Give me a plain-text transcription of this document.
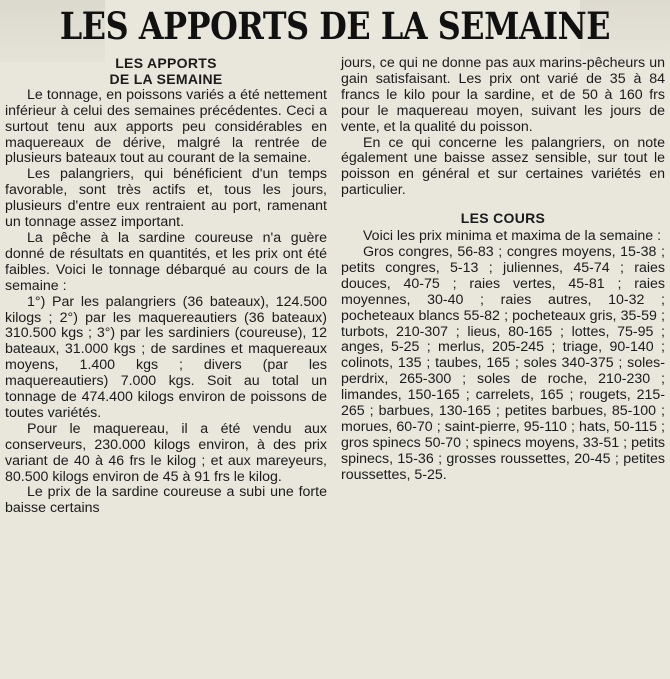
LES APPORTS DE LA SEMAINE
LES APPORTS
DE LA SEMAINE

Le tonnage, en poissons variés a été nettement inférieur à celui des semaines précédentes. Ceci a surtout tenu aux apports peu considérables en maquereaux de dérive, malgré la rentrée de plusieurs bateaux tout au courant de la semaine.

Les palangriers, qui bénéficient d'un temps favorable, sont très actifs et, tous les jours, plusieurs d'entre eux rentraient au port, ramenant un tonnage assez important.

La pêche à la sardine coureuse n'a guère donné de résultats en quantités, et les prix ont été faibles. Voici le tonnage débarqué au cours de la semaine :

1°) Par les palangriers (36 bateaux), 124.500 kilogs ; 2°) par les maquereautiers (36 bateaux) 310.500 kgs ; 3°) par les sardiniers (coureuse), 12 bateaux, 31.000 kgs ; de sardines et maquereaux moyens, 1.400 kgs ; divers (par les maquereautiers) 7.000 kgs. Soit au total un tonnage de 474.400 kilogs environ de poissons de toutes variétés.

Pour le maquereau, il a été vendu aux conserveurs, 230.000 kilogs environ, à des prix variant de 40 à 46 frs le kilog ; et aux mareyeurs, 80.500 kilogs environ de 45 à 91 frs le kilog.

Le prix de la sardine coureuse a subi une forte baisse certains

jours, ce qui ne donne pas aux marins-pêcheurs un gain satisfaisant. Les prix ont varié de 35 à 84 francs le kilo pour la sardine, et de 50 à 160 frs pour le maquereau moyen, suivant les jours de vente, et la qualité du poisson.

En ce qui concerne les palangriers, on note également une baisse assez sensible, sur tout le poisson en général et sur certaines variétés en particulier.

LES COURS

Voici les prix minima et maxima de la semaine :

Gros congres, 56-83 ; congres moyens, 15-38 ; petits congres, 5-13 ; juliennes, 45-74 ; raies douces, 40-75 ; raies vertes, 45-81 ; raies moyennes, 30-40 ; raies autres, 10-32 ; pocheteaux blancs 55-82 ; pocheteaux gris, 35-59 ; turbots, 210-307 ; lieus, 80-165 ; lottes, 75-95 ; anges, 5-25 ; merlus, 205-245 ; triage, 90-140 ; colinots, 135 ; taubes, 165 ; soles 340-375 ; soles-perdrix, 265-300 ; soles de roche, 210-230 ; limandes, 150-165 ; carrelets, 165 ; rougets, 215-265 ; barbues, 130-165 ; petites barbues, 85-100 ; morues, 60-70 ; saint-pierre, 95-110 ; hats, 50-115 ; gros spinecs 50-70 ; spinecs moyens, 33-51 ; petits spinecs, 15-36 ; grosses roussettes, 20-45 ; petites roussettes, 5-25.
